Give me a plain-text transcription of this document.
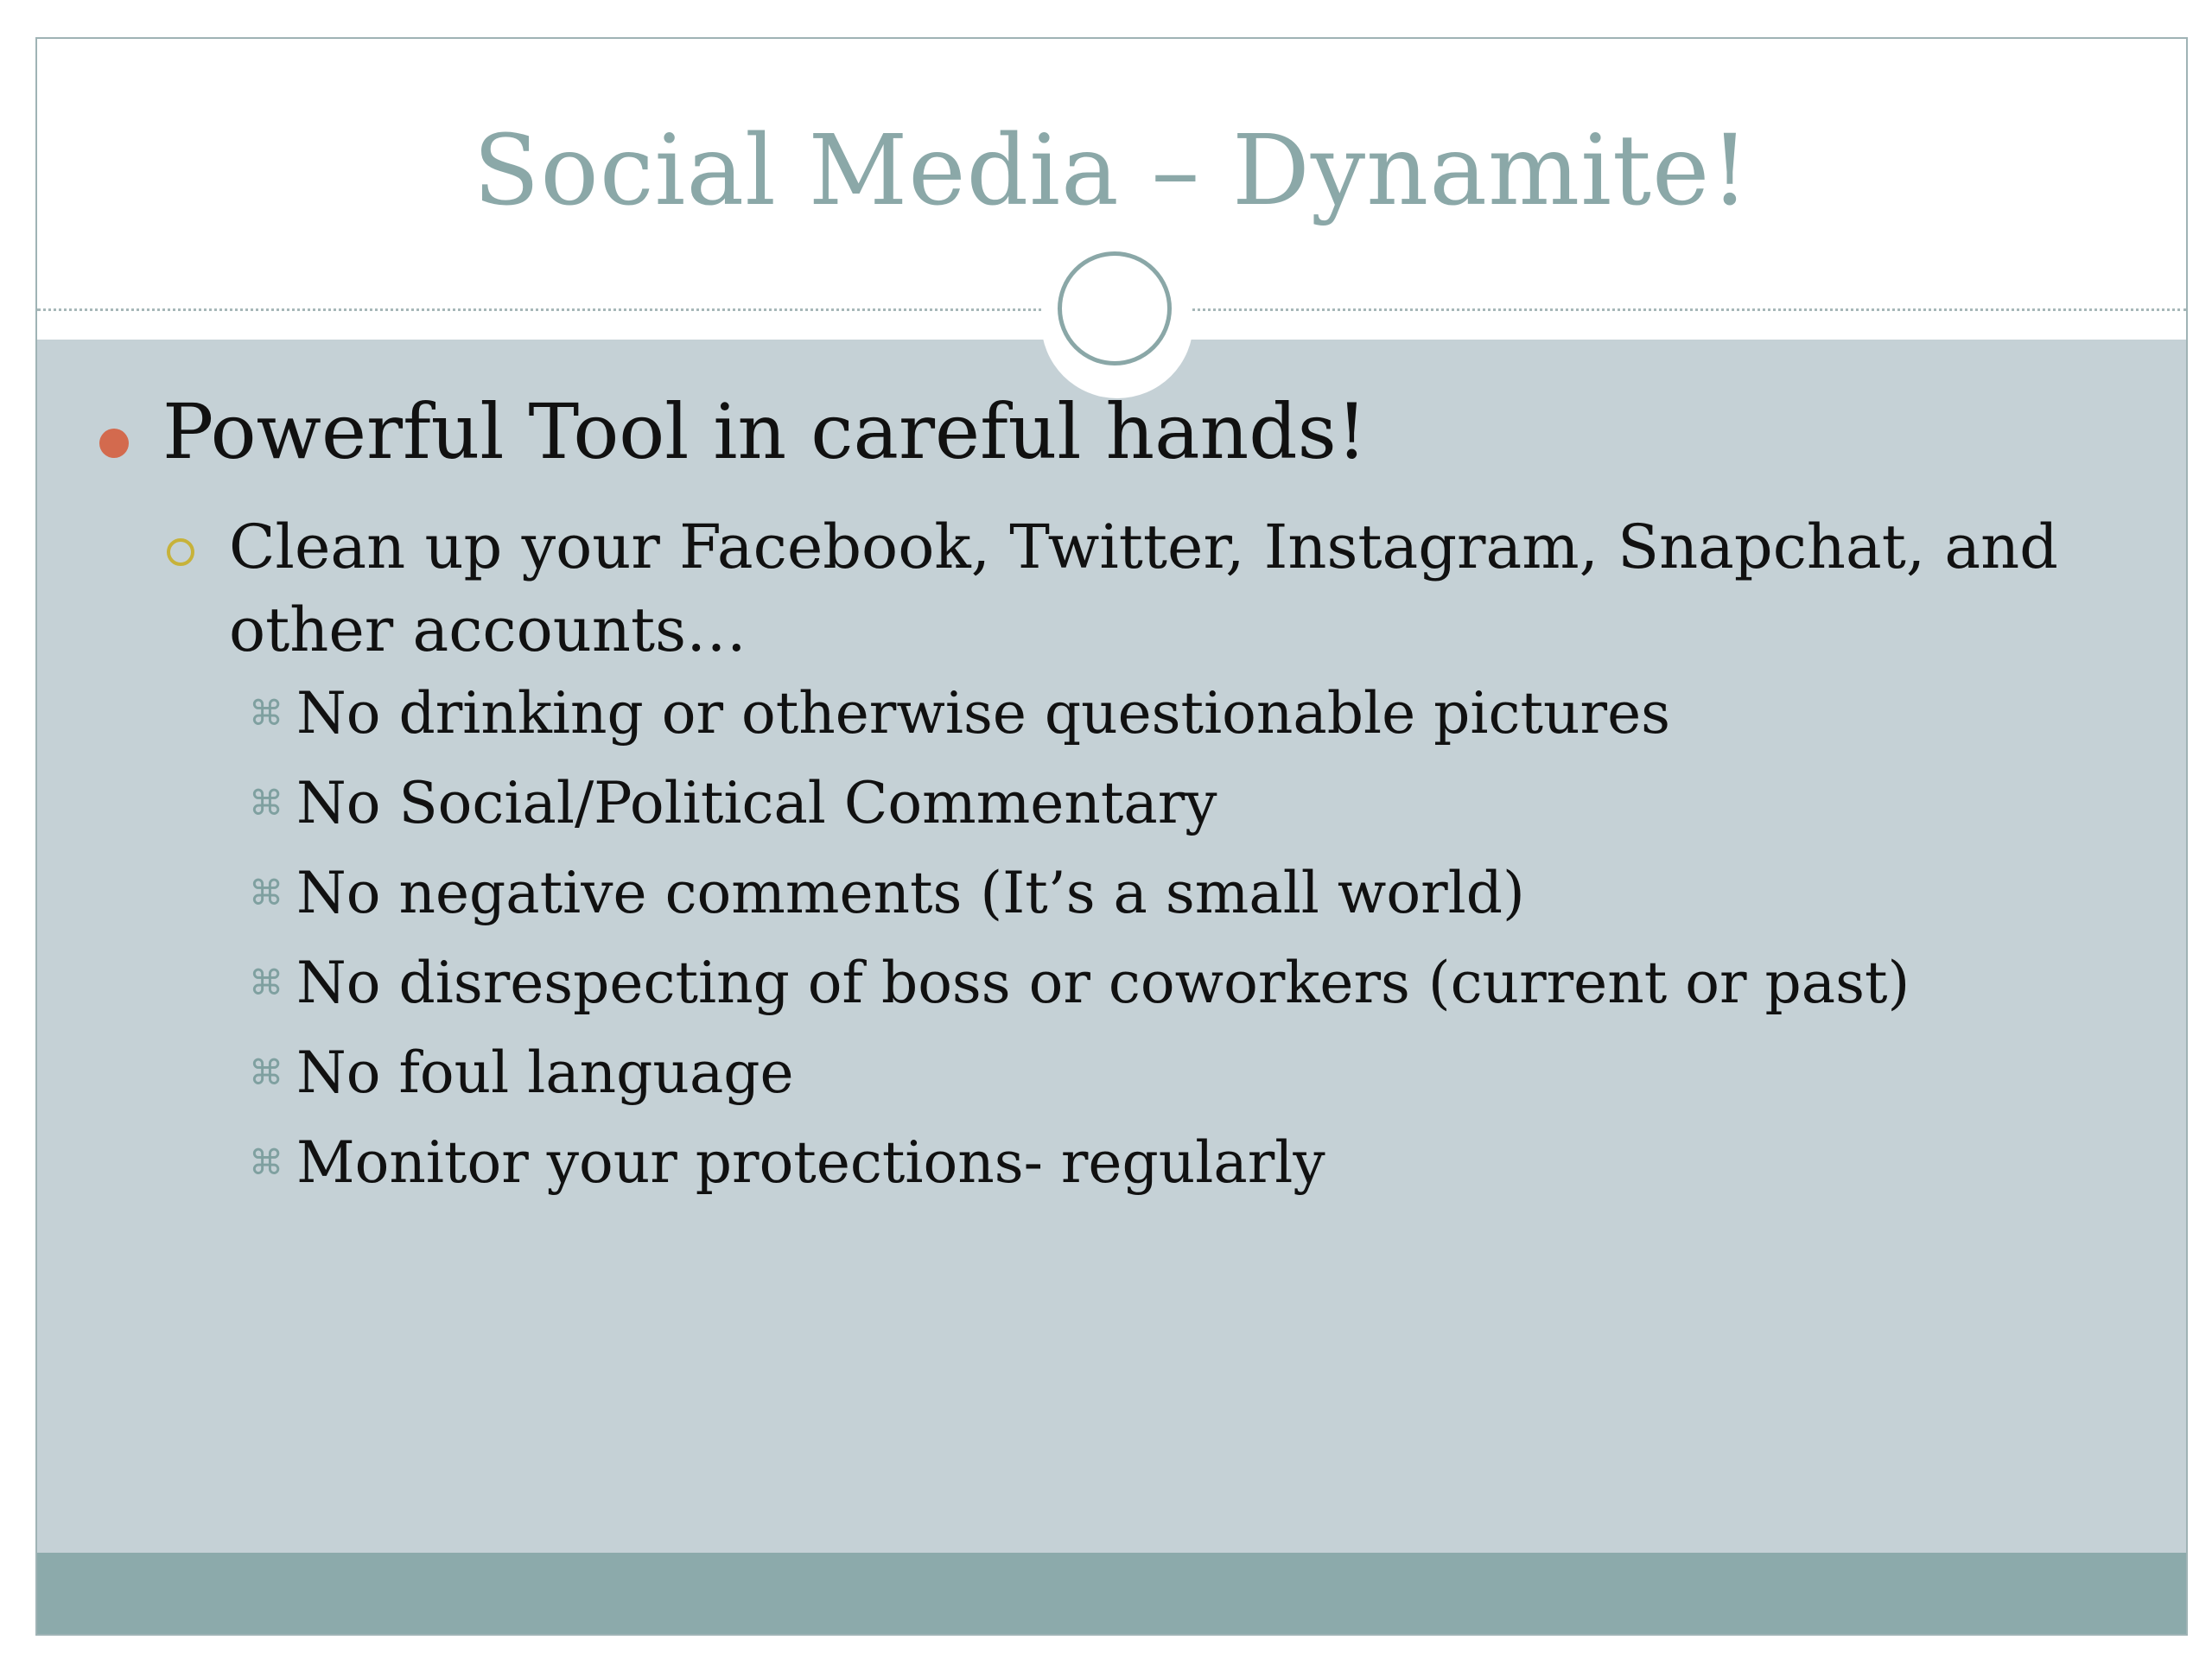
Social Media – Dynamite!
Powerful Tool in careful hands!
Clean up your Facebook, Twitter, Instagram, Snapchat, and other accounts…
⌘ No drinking or otherwise questionable pictures
⌘ No Social/Political Commentary
⌘ No negative comments (It’s a small world)
⌘ No disrespecting of boss or coworkers (current or past)
⌘ No foul language
⌘ Monitor your protections- regularly
